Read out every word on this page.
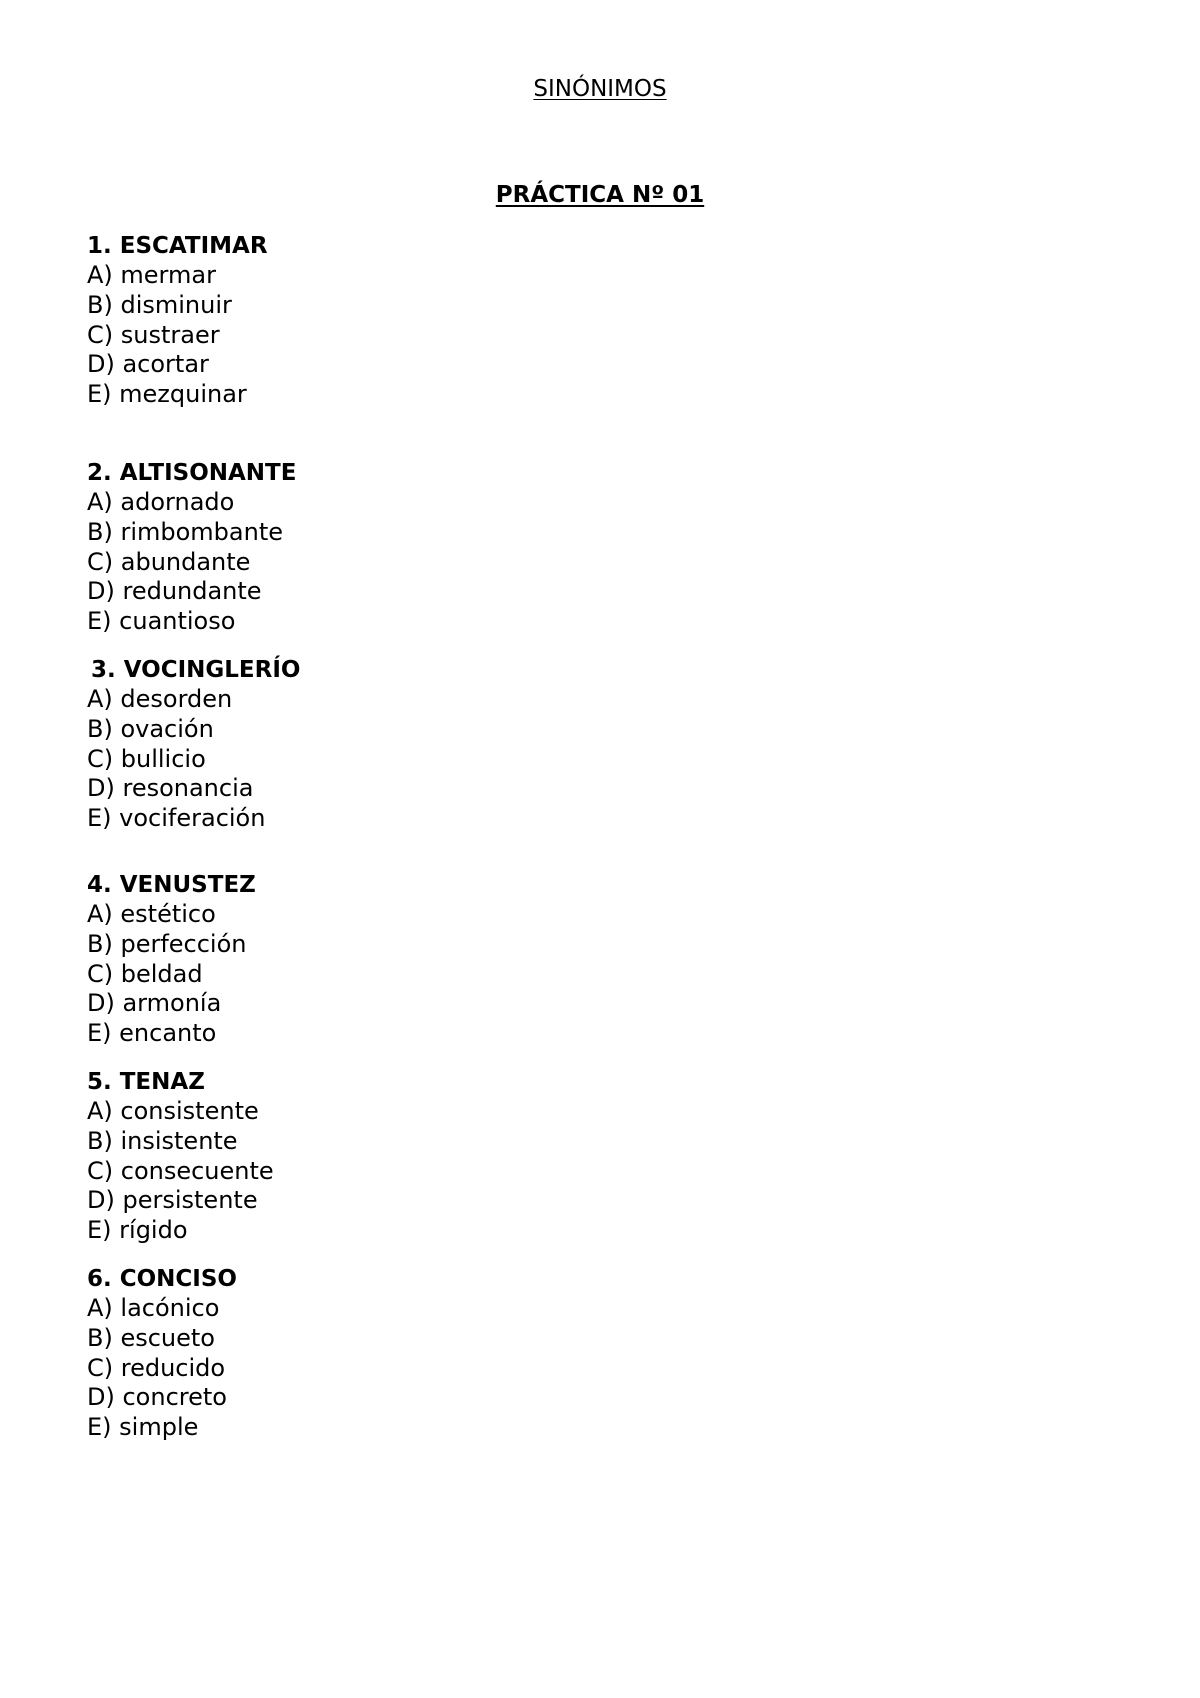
SINÓNIMOS
PRÁCTICA Nº 01

1. ESCATIMAR

A) mermar
B) disminuir
C) sustraer
D) acortar
E) mezquinar

2. ALTISONANTE

A) adornado
B) rimbombante
C) abundante
D) redundante
E) cuantioso

3. VOCINGLERÍO

A) desorden
B) ovación
C) bullicio
D) resonancia
E) vociferación

4. VENUSTEZ

A) estético
B) perfección
C) beldad
D) armonía
E) encanto

5. TENAZ

A) consistente
B) insistente
C) consecuente
D) persistente
E) rígido

6. CONCISO

A) lacónico
B) escueto
C) reducido
D) concreto
E) simple
